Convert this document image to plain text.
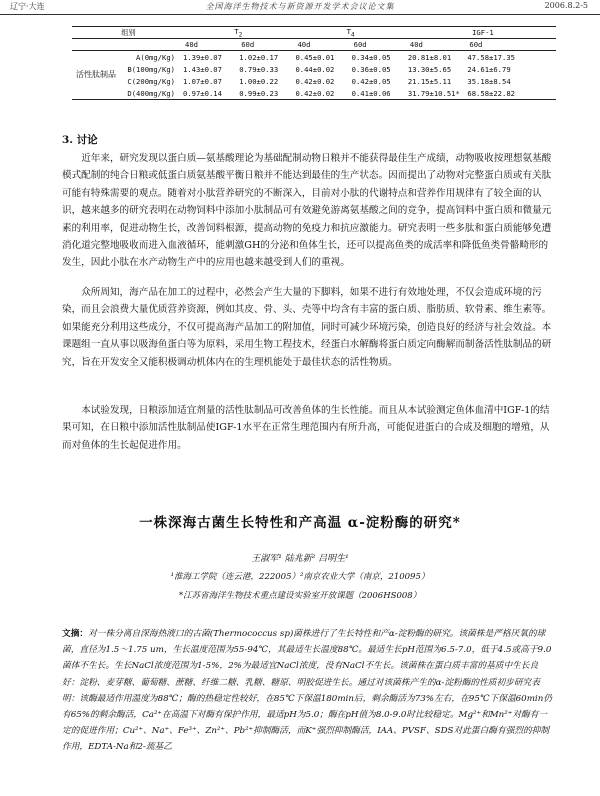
辽宁·大连	全国海洋生物技术与新资源开发学术会议论文集	2006.8.2-5
组别		$T_2$		$T_4$		IGF-1	
		40d	60d	40d	60d	40d	60d
活性肽制品	A(0mg/Kg)	1.39±0.07	1.02±0.17	0.45±0.01	0.34±0.05	20.81±8.01	47.58±17.35
	B(100mg/Kg)	1.43±0.07	0.79±0.33	0.44±0.02	0.36±0.05	13.30±5.65	24.61±6.79
	C(200mg/Kg)	1.07±0.07	1.00±0.22	0.42±0.02	0.42±0.05	21.15±5.11	35.18±8.54
	D(400mg/Kg)	0.97±0.14	0.99±0.23	0.42±0.02	0.41±0.06	31.79±10.51*	68.58±22.82
3. 讨论

近年来，研究发现以蛋白质—氨基酸理论为基础配制动物日粮并不能获得最佳生产成绩，动物吸收按理想氨基酸模式配制的纯合日粮或低蛋白质氨基酸平衡日粮并不能达到最佳的生产状态。因而提出了动物对完整蛋白质或有关肽可能有特殊需要的观点。随着对小肽营养研究的不断深入，目前对小肽的代谢特点和营养作用规律有了较全面的认识，越来越多的研究表明在动物饲料中添加小肽制品可有效避免游离氨基酸之间的竞争，提高饲料中蛋白质和微量元素的利用率，促进动物生长，改善饲料根源，提高动物的免疫力和抗应激能力。研究表明一些多肽和蛋白质能够免遭消化道完整地吸收而进入血液循环，能刺激GH的分泌和鱼体生长，还可以提高鱼类的成活率和降低鱼类骨骼畸形的发生，因此小肽在水产动物生产中的应用也越来越受到人们的重视。

众所周知，海产品在加工的过程中，必然会产生大量的下脚料，如果不进行有效地处理，不仅会造成环境的污染，而且会浪费大量优质营养资源，例如其皮、骨、头、壳等中均含有丰富的蛋白质、脂肪质、软骨素、维生素等。如果能充分利用这些成分，不仅可提高海产品加工的附加值，同时可减少环境污染，创造良好的经济与社会效益。本课题组一直从事以吸海鱼蛋白等为原料，采用生物工程技术，经蛋白水解酶将蛋白质定向酶解而制备活性肽制品的研究，旨在开发安全又能积极调动机体内在的生理机能处于最佳状态的活性物质。

本试验发现，日粮添加适宜剂量的活性肽制品可改善鱼体的生长性能。而且从本试验测定鱼体血清中IGF-1的结果可知，在日粮中添加活性肽制品使IGF-1水平在正常生理范围内有所升高，可能促进蛋白的合成及细胞的增殖，从而对鱼体的生长起促进作用。

一株深海古菌生长特性和产高温 α-淀粉酶的研究*
王淑军¹ 陆兆新² 吕明生¹
¹淮海工学院（连云港，222005）²南京农业大学（南京，210095）
*江苏省海洋生物技术重点建设实验室开放课题（2006HS008）

文摘：对一株分离自深海热液口的古菌(Thermococcus sp)菌株进行了生长特性和产α-淀粉酶的研究。该菌株是严格厌氧的球菌，直径为1.5～1.75 um，生长温度范围为55-94℃，其最适生长温度88℃。最适生长pH范围为6.5-7.0，低于4.5或高于9.0菌体不生长。生长NaCl浓度范围为1-5%，2%为最适宜NaCl浓度，没有NaCl不生长。该菌株在蛋白质丰富的基质中生长良好：淀粉、麦芽糖、葡萄糖、蔗糖、纤维二糖、乳糖、糖原、明胶促进生长。通过对该菌株产生的α-淀粉酶的性质初步研究表明：该酶最适作用温度为88℃；酶的热稳定性较好，在85℃下保温180min后，剩余酶活为73%左右，在95℃下保温60min仍有65%的剩余酶活，Ca²⁺在高温下对酶有保护作用，最适pH为5.0；酶在pH值为8.0-9.0时比较稳定。Mg²⁺和Mn²⁺对酶有一定的促进作用；Cu²⁺、Na⁺、Fe³⁺、Zn²⁺、Pb²⁺抑制酶活，而K⁺强烈抑制酶活，IAA、PVSF、SDS对此蛋白酶有强烈的抑制作用，EDTA-Na和2-巯基乙
